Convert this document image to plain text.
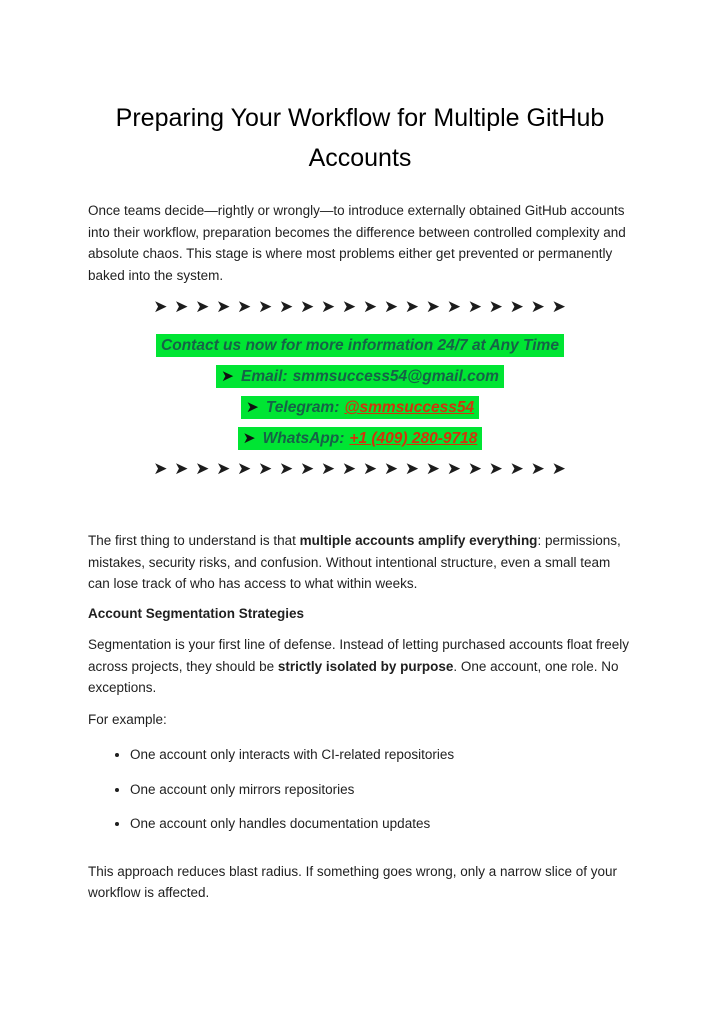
Preparing Your Workflow for Multiple GitHub Accounts

Once teams decide—rightly or wrongly—to introduce externally obtained GitHub accounts into their workflow, preparation becomes the difference between controlled complexity and absolute chaos. This stage is where most problems either get prevented or permanently baked into the system.

➤ ➤ ➤ ➤ ➤ ➤ ➤ ➤ ➤ ➤ ➤ ➤ ➤ ➤ ➤ ➤ ➤ ➤ ➤ ➤
Contact us now for more information 24/7 at Any Time
➤ Email: smmsuccess54@gmail.com
➤ Telegram: @smmsuccess54
➤ WhatsApp: +1 (409) 280-9718
➤ ➤ ➤ ➤ ➤ ➤ ➤ ➤ ➤ ➤ ➤ ➤ ➤ ➤ ➤ ➤ ➤ ➤ ➤ ➤

The first thing to understand is that multiple accounts amplify everything: permissions, mistakes, security risks, and confusion. Without intentional structure, even a small team can lose track of who has access to what within weeks.

Account Segmentation Strategies

Segmentation is your first line of defense. Instead of letting purchased accounts float freely across projects, they should be strictly isolated by purpose. One account, one role. No exceptions.

For example:

• One account only interacts with CI-related repositories
• One account only mirrors repositories
• One account only handles documentation updates

This approach reduces blast radius. If something goes wrong, only a narrow slice of your workflow is affected.
